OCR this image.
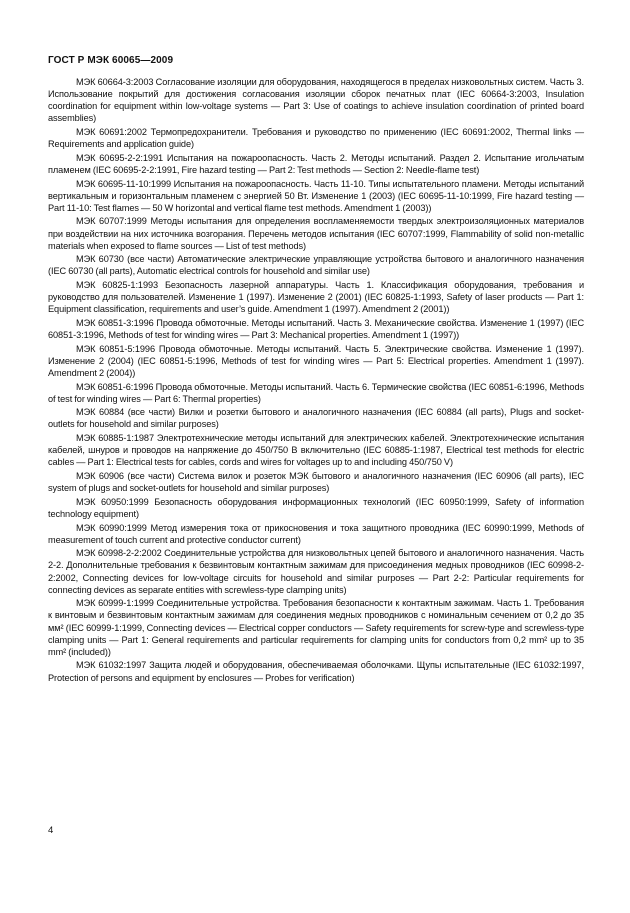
ГОСТ Р МЭК 60065—2009

МЭК 60664-3:2003 Согласование изоляции для оборудования, находящегося в пределах низковольтных систем. Часть 3. Использование покрытий для достижения согласования изоляции сборок печатных плат (IEC 60664-3:2003, Insulation coordination for equipment within low-voltage systems — Part 3: Use of coatings to achieve insulation coordination of printed board assemblies)

МЭК 60691:2002 Термопредохранители. Требования и руководство по применению (IEC 60691:2002, Thermal links — Requirements and application guide)

МЭК 60695-2-2:1991 Испытания на пожароопасность. Часть 2. Методы испытаний. Раздел 2. Испытание игольчатым пламенем (IEC 60695-2-2:1991, Fire hazard testing — Part 2: Test methods — Section 2: Needle-flame test)

МЭК 60695-11-10:1999 Испытания на пожароопасность. Часть 11-10. Типы испытательного пламени. Методы испытаний вертикальным и горизонтальным пламенем с энергией 50 Вт. Изменение 1 (2003) (IEC 60695-11-10:1999, Fire hazard testing — Part 11-10: Test flames — 50 W horizontal and vertical flame test methods. Amendment 1 (2003))

МЭК 60707:1999 Методы испытания для определения воспламеняемости твердых электроизоляционных материалов при воздействии на них источника возгорания. Перечень методов испытания (IEC 60707:1999, Flammability of solid non-metallic materials when exposed to flame sources — List of test methods)

МЭК 60730 (все части) Автоматические электрические управляющие устройства бытового и аналогичного назначения (IEC 60730 (all parts), Automatic electrical controls for household and similar use)

МЭК 60825-1:1993 Безопасность лазерной аппаратуры. Часть 1. Классификация оборудования, требования и руководство для пользователей. Изменение 1 (1997). Изменение 2 (2001) (IEC 60825-1:1993, Safety of laser products — Part 1: Equipment classification, requirements and user’s guide. Amendment 1 (1997). Amendment 2 (2001))

МЭК 60851-3:1996 Провода обмоточные. Методы испытаний. Часть 3. Механические свойства. Изменение 1 (1997) (IEC 60851-3:1996, Methods of test for winding wires — Part 3: Mechanical properties. Amendment 1 (1997))

МЭК 60851-5:1996 Провода обмоточные. Методы испытаний. Часть 5. Электрические свойства. Изменение 1 (1997). Изменение 2 (2004) (IEC 60851-5:1996, Methods of test for winding wires — Part 5: Electrical properties. Amendment 1 (1997). Amendment 2 (2004))

МЭК 60851-6:1996 Провода обмоточные. Методы испытаний. Часть 6. Термические свойства (IEC 60851-6:1996, Methods of test for winding wires — Part 6: Thermal properties)

МЭК 60884 (все части) Вилки и розетки бытового и аналогичного назначения (IEC 60884 (all parts), Plugs and socket-outlets for household and similar purposes)

МЭК 60885-1:1987 Электротехнические методы испытаний для электрических кабелей. Электротехнические испытания кабелей, шнуров и проводов на напряжение до 450/750 В включительно (IEC 60885-1:1987, Electrical test methods for electric cables — Part 1: Electrical tests for cables, cords and wires for voltages up to and including 450/750 V)

МЭК 60906 (все части) Система вилок и розеток МЭК бытового и аналогичного назначения (IEC 60906 (all parts), IEC system of plugs and socket-outlets for household and similar purposes)

МЭК 60950:1999 Безопасность оборудования информационных технологий (IEC 60950:1999, Safety of information technology equipment)

МЭК 60990:1999 Метод измерения тока от прикосновения и тока защитного проводника (IEC 60990:1999, Methods of measurement of touch current and protective conductor current)

МЭК 60998-2-2:2002 Соединительные устройства для низковольтных цепей бытового и аналогичного назначения. Часть 2-2. Дополнительные требования к безвинтовым контактным зажимам для присоединения медных проводников (IEC 60998-2-2:2002, Connecting devices for low-voltage circuits for household and similar purposes — Part 2-2: Particular requirements for connecting devices as separate entities with screwless-type clamping units)

МЭК 60999-1:1999 Соединительные устройства. Требования безопасности к контактным зажимам. Часть 1. Требования к винтовым и безвинтовым контактным зажимам для соединения медных проводников с номинальным сечением от 0,2 до 35 мм² (IEC 60999-1:1999, Connecting devices — Electrical copper conductors — Safety requirements for screw-type and screwless-type clamping units — Part 1: General requirements and particular requirements for clamping units for conductors from 0,2 mm² up to 35 mm² (included))

МЭК 61032:1997 Защита людей и оборудования, обеспечиваемая оболочками. Щупы испытательные (IEC 61032:1997, Protection of persons and equipment by enclosures — Probes for verification)

4
